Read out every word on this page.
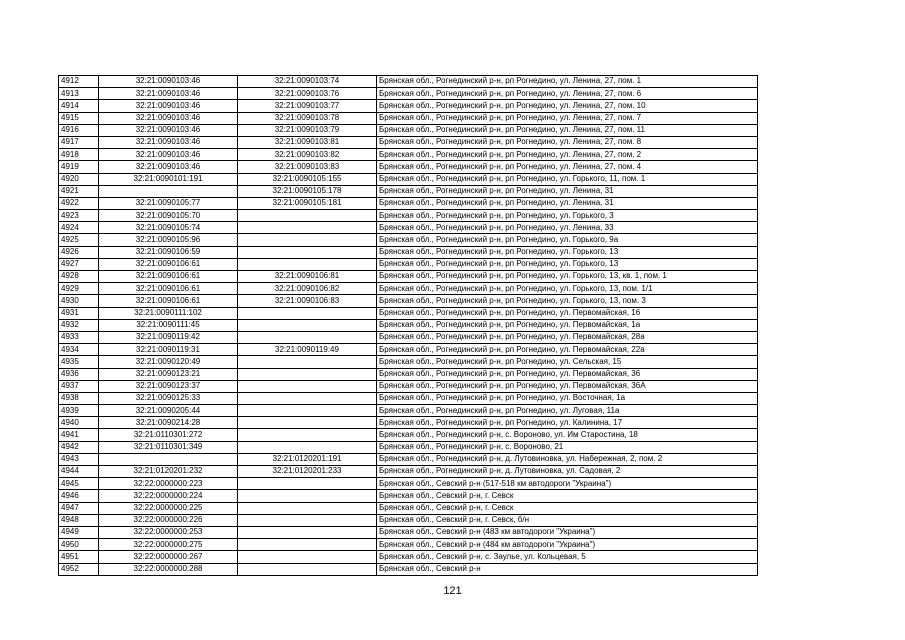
4912	32:21:0090103:46	32:21:0090103:74	Брянская обл., Рогнединский р-н, рп Рогнедино, ул. Ленина, 27, пом. 1
4913	32:21:0090103:46	32:21:0090103:76	Брянская обл., Рогнединский р-н, рп Рогнедино, ул. Ленина, 27, пом. 6
4914	32:21:0090103:46	32:21:0090103:77	Брянская обл., Рогнединский р-н, рп Рогнедино, ул. Ленина, 27, пом. 10
4915	32:21:0090103:46	32:21:0090103:78	Брянская обл., Рогнединский р-н, рп Рогнедино, ул. Ленина, 27, пом. 7
4916	32:21:0090103:46	32:21:0090103:79	Брянская обл., Рогнединский р-н, рп Рогнедино, ул. Ленина, 27, пом. 11
4917	32:21:0090103:46	32:21:0090103:81	Брянская обл., Рогнединский р-н, рп Рогнедино, ул. Ленина, 27, пом. 8
4918	32:21:0090103:46	32:21:0090103:82	Брянская обл., Рогнединский р-н, рп Рогнедино, ул. Ленина, 27, пом. 2
4919	32:21:0090103:46	32:21:0090103:83	Брянская обл., Рогнединский р-н, рп Рогнедино, ул. Ленина, 27, пом. 4
4920	32:21:0090101:191	32:21:0090105:155	Брянская обл., Рогнединский р-н, рп Рогнедино, ул. Горького, 11, пом. 1
4921		32:21:0090105:178	Брянская обл., Рогнединский р-н, рп Рогнедино, ул. Ленина, 31
4922	32:21:0090105:77	32:21:0090105:181	Брянская обл., Рогнединский р-н, рп Рогнедино, ул. Ленина, 31
4923	32:21:0090105:70		Брянская обл., Рогнединский р-н, рп Рогнедино, ул. Горького, 3
4924	32:21:0090105:74		Брянская обл., Рогнединский р-н, рп Рогнедино, ул. Ленина, 33
4925	32:21:0090105:96		Брянская обл., Рогнединский р-н, рп Рогнедино, ул. Горького, 9а
4926	32:21:0090106:59		Брянская обл., Рогнединский р-н, рп Рогнедино, ул. Горького, 13
4927	32:21:0090106:61		Брянская обл., Рогнединский р-н, рп Рогнедино, ул. Горького, 13
4928	32:21:0090106:61	32:21:0090106:81	Брянская обл., Рогнединский р-н, рп Рогнедино, ул. Горького, 13, кв. 1, пом. 1
4929	32:21:0090106:61	32:21:0090106:82	Брянская обл., Рогнединский р-н, рп Рогнедино, ул. Горького, 13, пом. 1/1
4930	32:21:0090106:61	32:21:0090106:83	Брянская обл., Рогнединский р-н, рп Рогнедино, ул. Горького, 13, пом. 3
4931	32:21:0090111:102		Брянская обл., Рогнединский р-н, рп Рогнедино, ул. Первомайская, 16
4932	32:21:0090111:45		Брянская обл., Рогнединский р-н, рп Рогнедино, ул. Первомайская, 1а
4933	32:21:0090119:42		Брянская обл., Рогнединский р-н, рп Рогнедино, ул. Первомайская, 28а
4934	32:21:0090119:31	32:21:0090119:49	Брянская обл., Рогнединский р-н, рп Рогнедино, ул. Первомайская, 22а
4935	32:21:0090120:49		Брянская обл., Рогнединский р-н, рп Рогнедино, ул. Сельская, 15
4936	32:21:0090123:21		Брянская обл., Рогнединский р-н, рп Рогнедино, ул. Первомайская, 36
4937	32:21:0090123:37		Брянская обл., Рогнединский р-н, рп Рогнедино, ул. Первомайская, 36А
4938	32:21:0090125:33		Брянская обл., Рогнединский р-н, рп Рогнедино, ул. Восточная, 1а
4939	32:21:0090205:44		Брянская обл., Рогнединский р-н, рп Рогнедино, ул. Луговая, 11а
4940	32:21:0090214:28		Брянская обл., Рогнединский р-н, рп Рогнедино, ул. Калинина, 17
4941	32:21:0110301:272		Брянская обл., Рогнединский р-н, с. Вороново, ул. Им Старостина, 18
4942	32:21:0110301:349		Брянская обл., Рогнединский р-н, с. Вороново, 21
4943		32:21:0120201:191	Брянская обл., Рогнединский р-н, д. Лутовиновка, ул. Набережная, 2, пом. 2
4944	32:21:0120201:232	32:21:0120201:233	Брянская обл., Рогнединский р-н, д. Лутовиновка, ул. Садовая, 2
4945	32:22:0000000:223		Брянская обл., Севский р-н (517-518 км автодороги "Украина")
4946	32:22:0000000:224		Брянская обл., Севский р-н, г. Севск
4947	32:22:0000000:225		Брянская обл., Севский р-н, г. Севск
4948	32:22:0000000:226		Брянская обл., Севский р-н, г. Севск, б/н
4949	32:22:0000000:253		Брянская обл., Севский р-н (483 км автодороги "Украина")
4950	32:22:0000000:275		Брянская обл., Севский р-н (484 км автодороги "Украина")
4951	32:22:0000000:267		Брянская обл., Севский р-н, с. Заулье, ул. Кольцевая, 5
4952	32:22:0000000:288		Брянская обл., Севский р-н
121
